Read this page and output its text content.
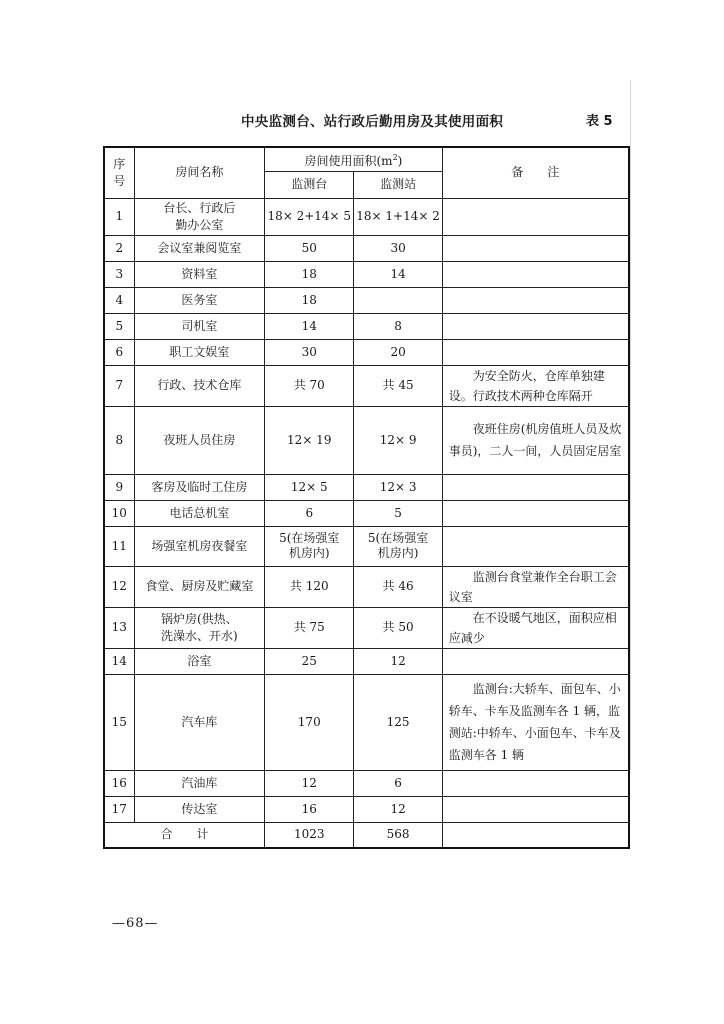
中央监测台、站行政后勤用房及其使用面积	表 5
序号	房间名称	房间使用面积$(m^2)$		备　　注
		监测台	监测站	
1	台长、行政后勤办公室	18× 2+14× 5	18× 1+14× 2	
2	会议室兼阅览室	50	30	
3	资料室	18	14	
4	医务室	18		
5	司机室	14	8	
6	职工文娱室	30	20	
7	行政、技术仓库	共 70	共 45	为安全防火，仓库单独建设。行政技术两种仓库隔开

8	夜班人员住房	12× 19	12× 9	夜班住房(机房值班人员及炊事员)，二人一间，人员固定居室

9	客房及临时工住房	12× 5	12× 3	
10	电话总机室	6	5	
11	场强室机房夜餐室	5(在场强室机房内)	5(在场强室机房内)	
12	食堂、厨房及贮藏室	共 120	共 46	监测台食堂兼作全台职工会议室

13	锅炉房(供热、洗澡水、开水)	共 75	共 50	在不设暖气地区，面积应相应减少

14	浴室	25	12	
15	汽车库	170	125	监测台:大轿车、面包车、小轿车、卡车及监测车各 1 辆，监测站:中轿车、小面包车、卡车及监测车各 1 辆

16	汽油库	12	6	
17	传达室	16	12	
合　　计		1023	568	
—68—
